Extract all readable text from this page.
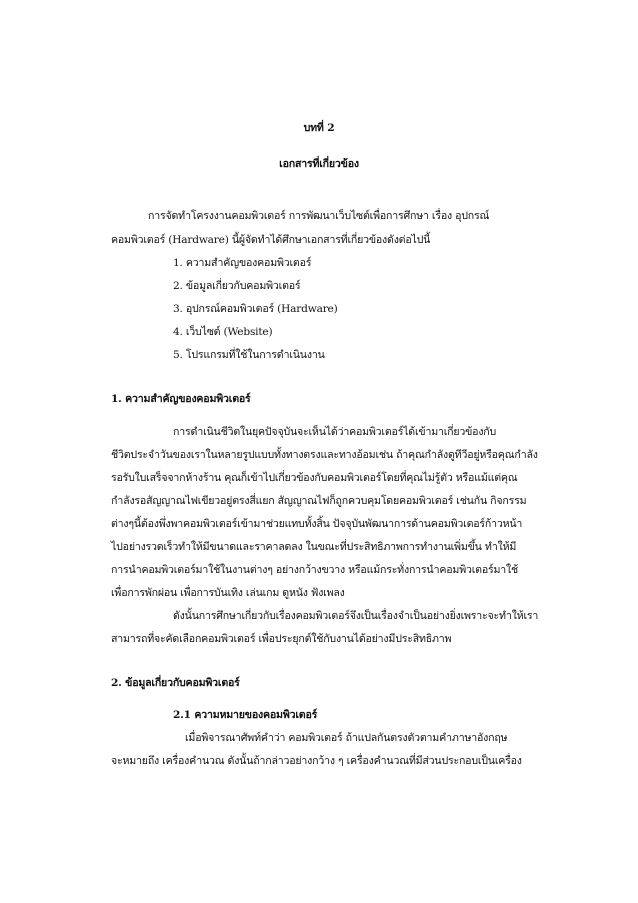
บทที่ 2
เอกสารที่เกี่ยวข้อง
การจัดทำโครงงานคอมพิวเตอร์ การพัฒนาเว็บไซต์เพื่อการศึกษา เรื่อง อุปกรณ์
คอมพิวเตอร์ (Hardware) นี้ผู้จัดทำได้ศึกษาเอกสารที่เกี่ยวข้องดังต่อไปนี้
1. ความสำคัญของคอมพิวเตอร์
2. ข้อมูลเกี่ยวกับคอมพิวเตอร์
3. อุปกรณ์คอมพิวเตอร์ (Hardware)
4. เว็บไซต์ (Website)
5. โปรแกรมที่ใช้ในการดำเนินงาน
1. ความสำคัญของคอมพิวเตอร์
การดำเนินชีวิตในยุคปัจจุบันจะเห็นได้ว่าคอมพิวเตอร์ได้เข้ามาเกี่ยวข้องกับ
ชีวิตประจำวันของเราในหลายรูปแบบทั้งทางตรงและทางอ้อมเช่น ถ้าคุณกำลังดูทีวีอยู่หรือคุณกำลัง
รอรับใบเสร็จจากห้างร้าน คุณก็เข้าไปเกี่ยวข้องกับคอมพิวเตอร์โดยที่คุณไม่รู้ตัว หรือแม้แต่คุณ
กำลังรอสัญญาณไฟเขียวอยู่ตรงสี่แยก สัญญาณไฟก็ถูกควบคุมโดยคอมพิวเตอร์ เช่นกัน กิจกรรม
ต่างๆนี้ต้องพึ่งพาคอมพิวเตอร์เข้ามาช่วยแทบทั้งสิ้น ปัจจุบันพัฒนาการด้านคอมพิวเตอร์ก้าวหน้า
ไปอย่างรวดเร็วทำให้มีขนาดและราคาลดลง ในขณะที่ประสิทธิภาพการทำงานเพิ่มขึ้น ทำให้มี
การนำคอมพิวเตอร์มาใช้ในงานต่างๆ อย่างกว้างขวาง หรือแม้กระทั่งการนำคอมพิวเตอร์มาใช้
เพื่อการพักผ่อน เพื่อการบันเทิง เล่นเกม ดูหนัง ฟังเพลง
ดังนั้นการศึกษาเกี่ยวกับเรื่องคอมพิวเตอร์จึงเป็นเรื่องจำเป็นอย่างยิ่งเพราะจะทำให้เรา
สามารถที่จะคัดเลือกคอมพิวเตอร์ เพื่อประยุกต์ใช้กับงานได้อย่างมีประสิทธิภาพ
2. ข้อมูลเกี่ยวกับคอมพิวเตอร์
2.1 ความหมายของคอมพิวเตอร์
เมื่อพิจารณาศัพท์คำว่า คอมพิวเตอร์ ถ้าแปลกันตรงตัวตามคำภาษาอังกฤษ
จะหมายถึง เครื่องคำนวณ ดังนั้นถ้ากล่าวอย่างกว้าง ๆ เครื่องคำนวณที่มีส่วนประกอบเป็นเครื่อง
